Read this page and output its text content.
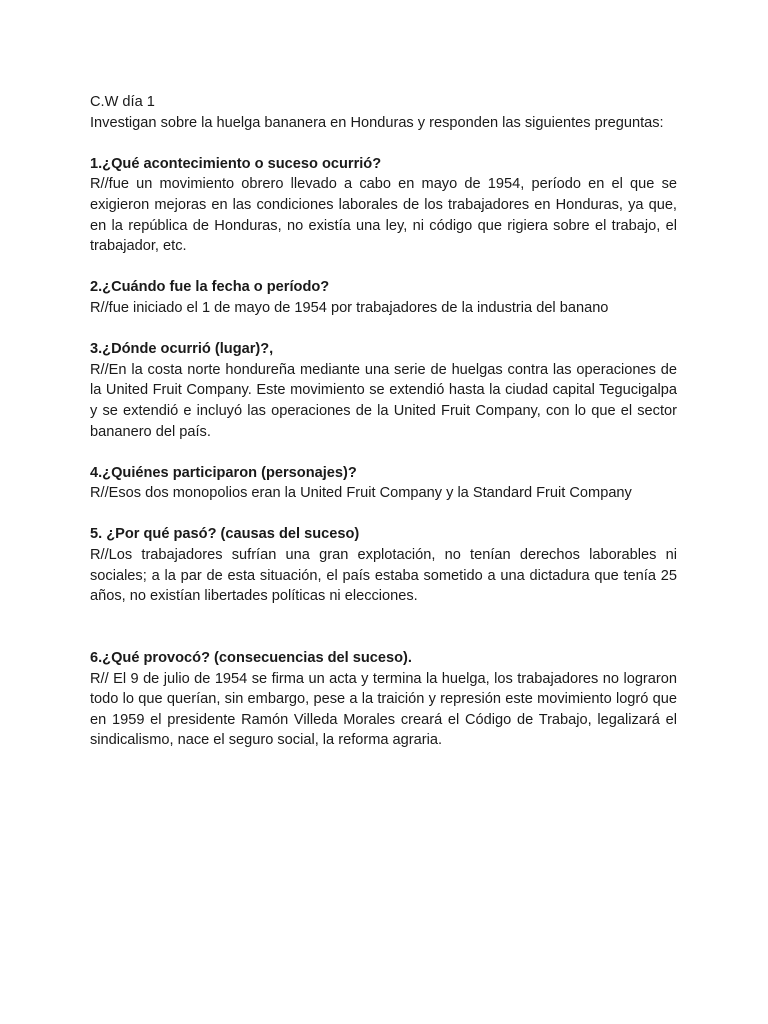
C.W día 1
Investigan sobre la huelga bananera en Honduras y responden las siguientes preguntas:

1.¿Qué acontecimiento o suceso ocurrió?

R//fue un movimiento obrero llevado a cabo en mayo de 1954, período en el que se exigieron mejoras en las condiciones laborales de los trabajadores en Honduras, ya que, en la república de Honduras, no existía una ley, ni código que rigiera sobre el trabajo, el trabajador, etc.

2.¿Cuándo fue la fecha o período?

R//fue iniciado el 1 de mayo de 1954 por trabajadores de la industria del banano

3.¿Dónde ocurrió (lugar)?,

R//En la costa norte hondureña mediante una serie de huelgas contra las operaciones de la United Fruit Company. Este movimiento se extendió hasta la ciudad capital Tegucigalpa y se extendió e incluyó las operaciones de la United Fruit Company, con lo que el sector bananero del país.

4.¿Quiénes participaron (personajes)?

R//Esos dos monopolios eran la United Fruit Company y la Standard Fruit Company

5. ¿Por qué pasó? (causas del suceso)

R//Los trabajadores sufrían una gran explotación, no tenían derechos laborables ni sociales; a la par de esta situación, el país estaba sometido a una dictadura que tenía 25 años, no existían libertades políticas ni elecciones.

6.¿Qué provocó? (consecuencias del suceso).

R// El 9 de julio de 1954 se firma un acta y termina la huelga, los trabajadores no lograron todo lo que querían, sin embargo, pese a la traición y represión este movimiento logró que en 1959 el presidente Ramón Villeda Morales creará el Código de Trabajo, legalizará el sindicalismo, nace el seguro social, la reforma agraria.
